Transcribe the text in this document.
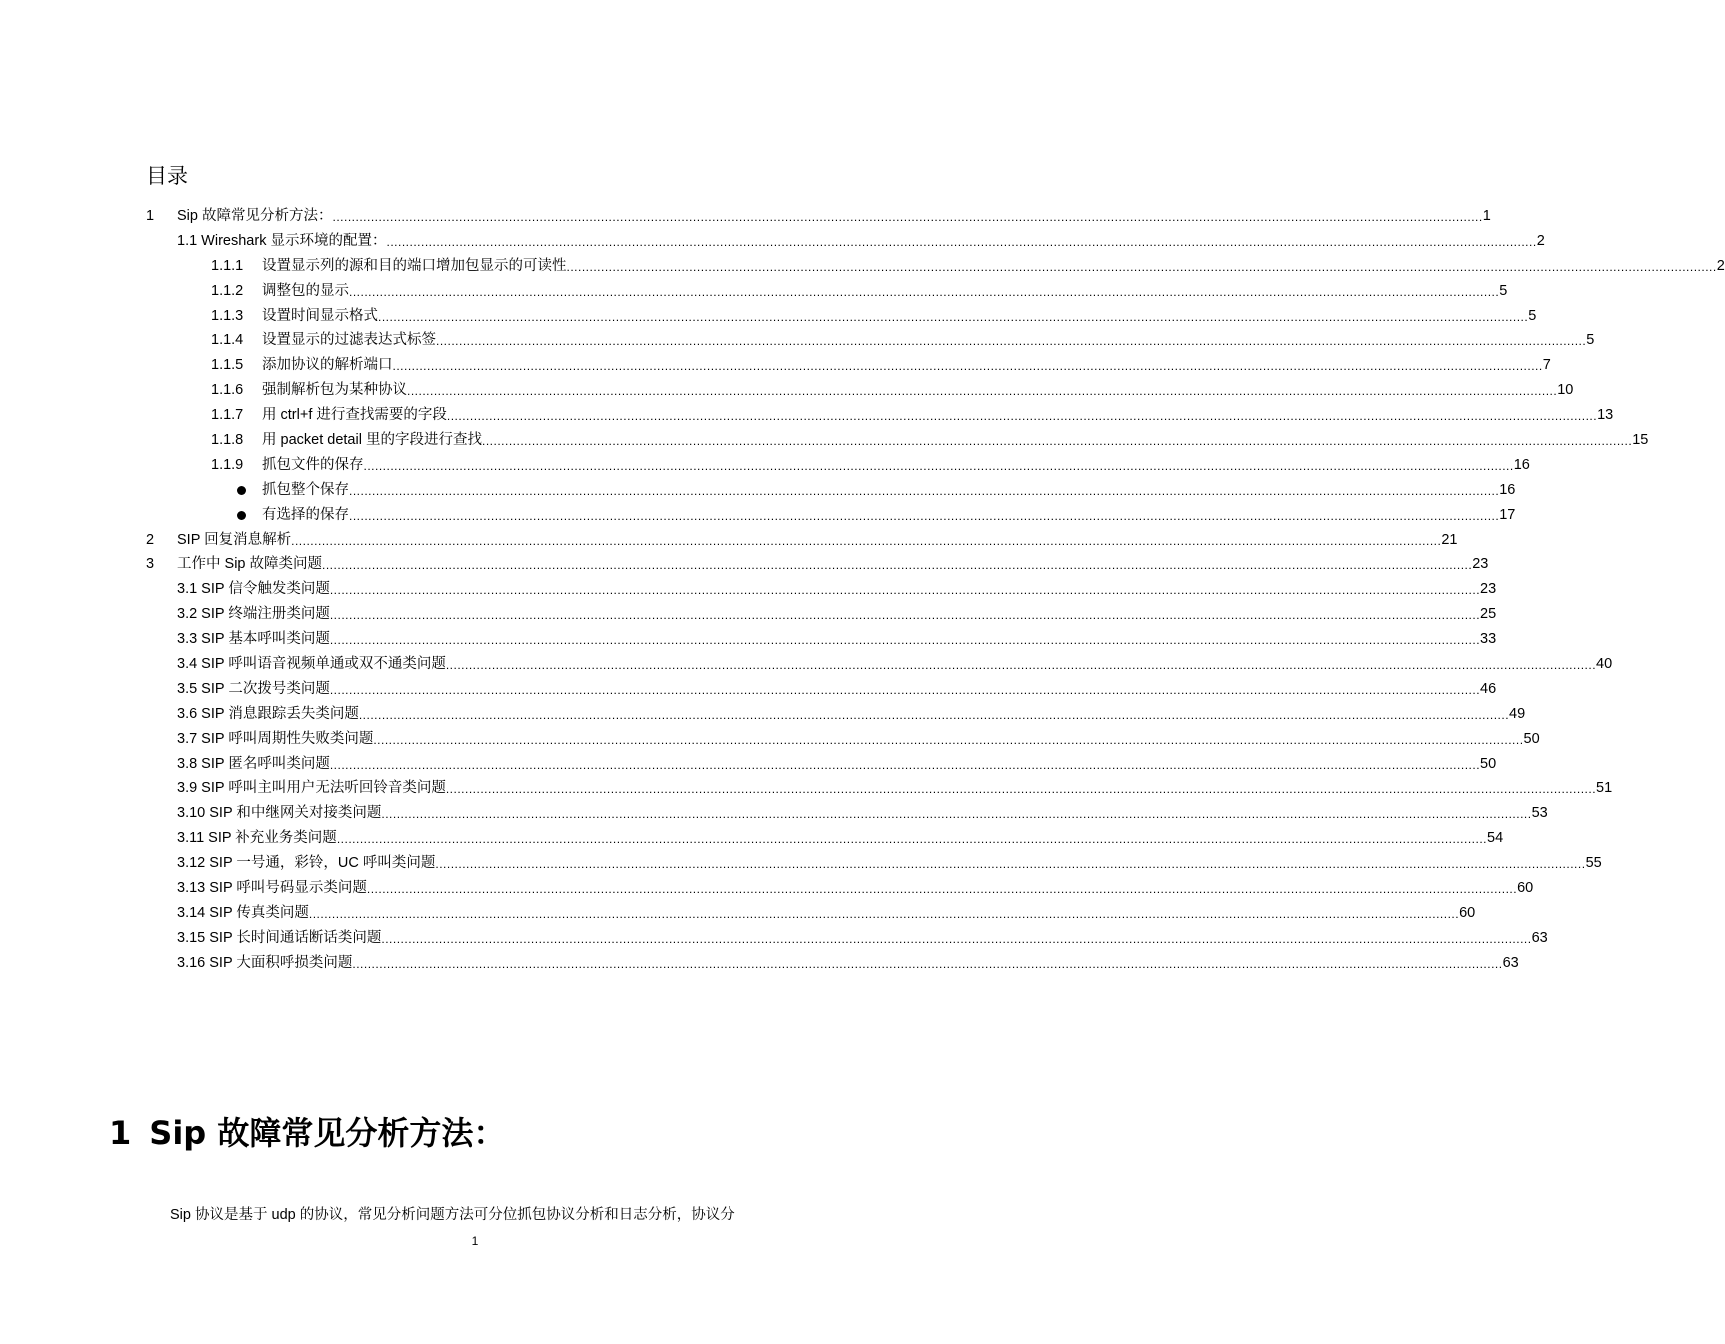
目录
1 Sip 故障常见分析方法： ............................................................................................................................................................................................................................................................................................................ 1
1.1 Wireshark 显示环境的配置： ............................................................................................................................................................................................................................................................................................................ 2
1.1.1 设置显示列的源和目的端口增加包显示的可读性 ............................................................................................................................................................................................................................................................................................................ 2
1.1.2 调整包的显示 ............................................................................................................................................................................................................................................................................................................ 5
1.1.3 设置时间显示格式 ............................................................................................................................................................................................................................................................................................................ 5
1.1.4 设置显示的过滤表达式标签 ............................................................................................................................................................................................................................................................................................................ 5
1.1.5 添加协议的解析端口 ............................................................................................................................................................................................................................................................................................................ 7
1.1.6 强制解析包为某种协议 ............................................................................................................................................................................................................................................................................................................ 10
1.1.7 用 ctrl+f 进行查找需要的字段 ............................................................................................................................................................................................................................................................................................................ 13
1.1.8 用 packet detail 里的字段进行查找 ............................................................................................................................................................................................................................................................................................................ 15
1.1.9 抓包文件的保存 ............................................................................................................................................................................................................................................................................................................ 16
抓包整个保存 ............................................................................................................................................................................................................................................................................................................ 16
有选择的保存 ............................................................................................................................................................................................................................................................................................................ 17
2 SIP 回复消息解析 ............................................................................................................................................................................................................................................................................................................ 21
3 工作中 Sip 故障类问题 ............................................................................................................................................................................................................................................................................................................ 23
3.1 SIP 信令触发类问题 ............................................................................................................................................................................................................................................................................................................ 23
3.2 SIP 终端注册类问题 ............................................................................................................................................................................................................................................................................................................ 25
3.3 SIP 基本呼叫类问题 ............................................................................................................................................................................................................................................................................................................ 33
3.4 SIP 呼叫语音视频单通或双不通类问题 ............................................................................................................................................................................................................................................................................................................ 40
3.5 SIP 二次拨号类问题 ............................................................................................................................................................................................................................................................................................................ 46
3.6 SIP 消息跟踪丢失类问题 ............................................................................................................................................................................................................................................................................................................ 49
3.7 SIP 呼叫周期性失败类问题 ............................................................................................................................................................................................................................................................................................................ 50
3.8 SIP 匿名呼叫类问题 ............................................................................................................................................................................................................................................................................................................ 50
3.9 SIP 呼叫主叫用户无法听回铃音类问题 ............................................................................................................................................................................................................................................................................................................ 51
3.10 SIP 和中继网关对接类问题 ............................................................................................................................................................................................................................................................................................................ 53
3.11 SIP 补充业务类问题 ............................................................................................................................................................................................................................................................................................................ 54
3.12 SIP 一号通，彩铃，UC 呼叫类问题 ............................................................................................................................................................................................................................................................................................................ 55
3.13 SIP 呼叫号码显示类问题 ............................................................................................................................................................................................................................................................................................................ 60
3.14 SIP 传真类问题 ............................................................................................................................................................................................................................................................................................................ 60
3.15 SIP 长时间通话断话类问题 ............................................................................................................................................................................................................................................................................................................ 63
3.16 SIP 大面积呼损类问题 ............................................................................................................................................................................................................................................................................................................ 63
1 Sip 故障常见分析方法：
Sip 协议是基于 udp 的协议，常见分析问题方法可分位抓包协议分析和日志分析，协议分
1
